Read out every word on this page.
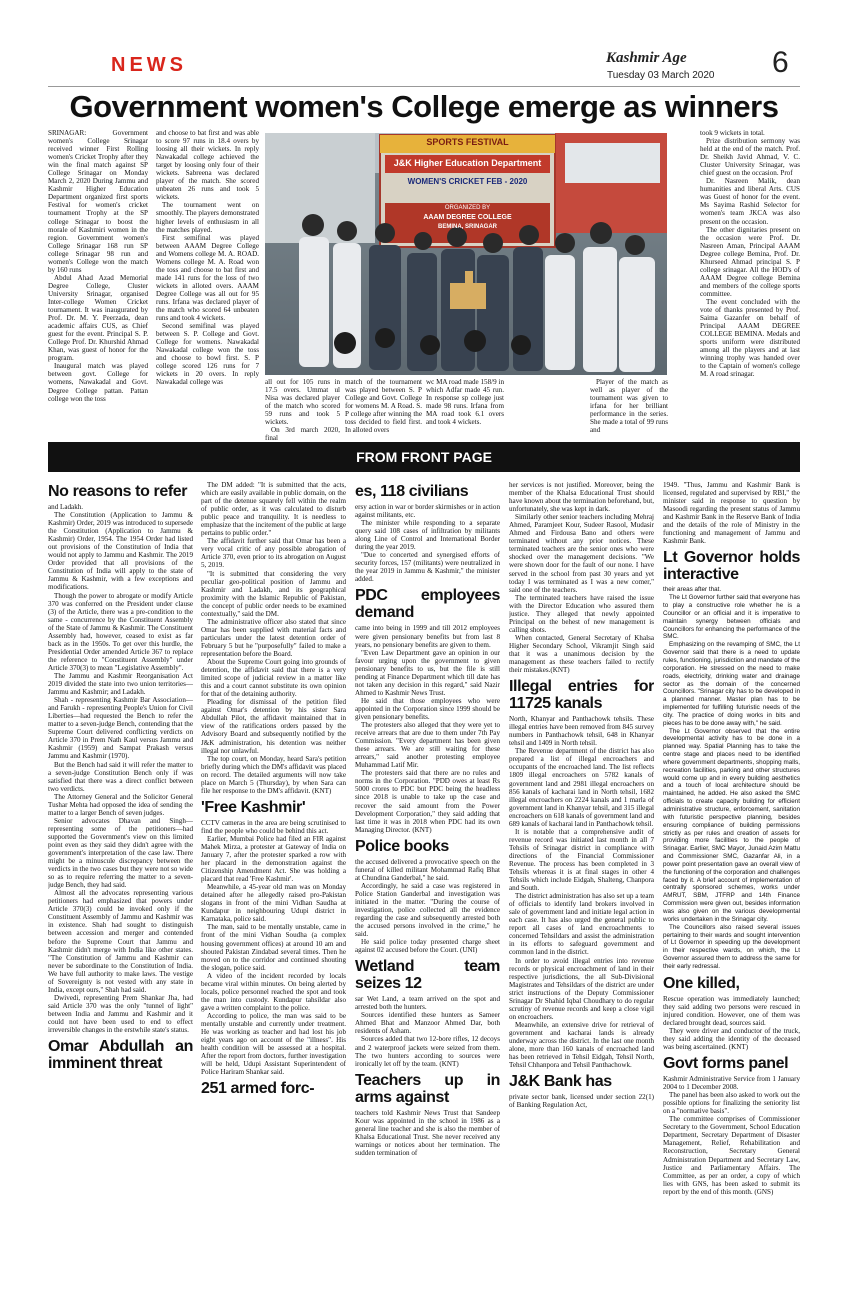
NEWS	Kashmir Age
Tuesday 03 March 2020 6
Government women's College emerge as winners

SRINAGAR: Government women's College Srinagar received winner First Rolling women's Cricket Trophy after they win the final match against SP College Srinagar on Monday March 2, 2020 During Jammu and Kashmir Higher Education Department organized first sports Festival for women's cricket tournament Trophy at the SP college Srinagar to boost the morale of Kashmiri women in the region. Government women's College Srinagar 168 run SP college Srinagar 98 run and women's College won the match by 160 runs

Abdul Ahad Azad Memorial Degree College, Cluster University Srinagar, organised Inter-college Women Cricket tournament. It was inaugurated by Prof. Dr. M. Y. Peerzada, dean academic affairs CUS, as Chief guest for the event. Principal S. P. College Prof. Dr. Khurshid Ahmad Khan, was guest of honor for the program.

Inaugural match was played between govt. College for womens, Nawakadal and Govt. Degree College pattan. Pattan college won the toss

and choose to bat first and was able to score 97 runs in 18.4 overs by loosing all their wickets. In reply Nawakadal college achieved the target by loosing only four of their wickets. Sabreena was declared player of the match. She scored unbeaten 26 runs and took 5 wickets.

The tournament went on smoothly. The players demonstrated higher levels of enthusiasm in all the matches played.

First semifinal was played between AAAM Degree College and Womens college M. A. ROAD. Womens college M. A. Road won the toss and choose to bat first and made 141 runs for the loss of two wickets in alloted overs. AAAM Degree College was all out for 95 runs. Irfana was declared player of the match who scored 64 unbeaten runs and took 4 wickets.

Second semifinal was played between S. P. College and Govt. College for womens. Nawakadal Nawakadal college won the toss and choose to bowl first. S. P college scored 126 runs for 7 wickets in 20 overs. In reply Nawakadal college was

SPORTS FESTIVAL
J&K Higher Education Department
WOMEN'S CRICKET FEB - 2020
ORGANIZED BY
AAAM DEGREE COLLEGE
BEMINA, SRINAGAR

all out for 105 runs in 17.5 overs. Ummat ul Nisa was declared player of the match who scored 59 runs and took 5 wickets.

On 3rd march 2020, final

match of the tournament was played between S. P College and Govt. College for womens M. A Road. S. P college after winning the toss decided to field first. In alloted overs

wc MA road made 158/9 in which Adfar made 45 run. In response sp college just made 98 runs. Irfana from MA road took 6.1 overs and took 4 wickets.

Player of the match as well as player of the tournament was given to irfana for her brilliant performance in the series. She made a total of 99 runs and

took 9 wickets in total.

Prize distribution sermony was held at the end of the match. Prof. Dr. Sheikh Javid Ahmad, V. C. Cluster University Srinagar, was chief guest on the occasion. Prof

Dr. Nasreen Malik, dean humanities and liberal Arts. CUS was Guest of honor for the event. Ms Sayima Rashid Selector for women's team JKCA was also present on the occasion.

The other dignitaries present on the occasion were Prof. Dr. Nasreen Aman, Principal AAAM Degree college Bemina, Prof. Dr. Khurseed Ahmad principal S. P college srinagar. All the HOD's of AAAM Degree college Bemina and members of the college sports committee.

The event concluded with the vote of thanks presented by Prof. Saima Gazanfer on behalf of Principal AAAM DEGREE COLLEGE BEMINA. Medals and sports uniform were distributed among all the players and at last winning trophy was handed over to the Captain of women's college M. A road srinagar.

FROM FRONT PAGE
No reasons to refer

and Ladakh.

The Constitution (Application to Jammu & Kashmir) Order, 2019 was introduced to supersede the Constitution (Application to Jammu & Kashmir) Order, 1954. The 1954 Order had listed out provisions of the Constitution of India that would not apply to Jammu and Kashmir. The 2019 Order provided that all provisions of the Constitution of India will apply to the state of Jammu & Kashmir, with a few exceptions and modifications.

Though the power to abrogate or modify Article 370 was conferred on the President under clause (3) of the Article, there was a pre-condition to the same - concurrence by the Constituent Assembly of the State of Jammu & Kashmir. The Constituent Assembly had, however, ceased to exist as far back as in the 1950s. To get over this hurdle, the Presidential Order amended Article 367 to replace the reference to "Constituent Assembly" under Article 370(3) to mean "Legislative Assembly".

The Jammu and Kashmir Reorganisation Act 2019 divided the state into two union territories—Jammu and Kashmir; and Ladakh.

Shah - representing Kashmir Bar Association—and Farukh - representing People's Union for Civil Liberties—had requested the Bench to refer the matter to a seven-judge Bench, contending that the Supreme Court delivered conflicting verdicts on Article 370 in Prem Nath Kaul versus Jammu and Kashmir (1959) and Sampat Prakash versus Jammu and Kashmir (1970).

But the Bench had said it will refer the matter to a seven-judge Constitution Bench only if was satisfied that there was a direct conflict between two verdicts.

The Attorney General and the Solicitor General Tushar Mehta had opposed the idea of sending the matter to a larger Bench of seven judges.

Senior advocates Dhavan and Singh—representing some of the petitioners—had supported the Government's view on this limited point even as they said they didn't agree with the government's interpretation of the case law. There might be a minuscule discrepancy between the verdicts in the two cases but they were not so wide so as to require referring the matter to a seven-judge Bench, they had said.

Almost all the advocates representing various petitioners had emphasized that powers under Article 370(3) could be invoked only if the Constituent Assembly of Jammu and Kashmir was in existence. Shah had sought to distinguish between accession and merger and contended before the Supreme Court that Jammu and Kashmir didn't merge with India like other states. "The Constitution of Jammu and Kashmir can never be subordinate to the Constitution of India. We have full authority to make laws. The vestige of Sovereignty is not vested with any state in India, except ours," Shah had said.

Dwivedi, representing Prem Shankar Jha, had said Article 370 was the only "tunnel of light" between India and Jammu and Kashmir and it could not have been used to end to effect irreversible changes in the erstwhile state's status.

Omar Abdullah an imminent threat

The DM added: "It is submitted that the acts, which are easily available in public domain, on the part of the detenue squarely fell within the realm of public order, as it was calculated to disturb public peace and tranquility. It is needless to emphasize that the incitement of the public at large pertains to public order."

The affidavit further said that Omar has been a very vocal critic of any possible abrogation of Article 370, even prior to its abrogation on August 5, 2019.

"It is submitted that considering the very peculiar geo-political position of Jammu and Kashmir and Ladakh, and its geographical proximity with the Islamic Republic of Pakistan, the concept of public order needs to be examined contextually," said the DM.

The administrative officer also stated that since Omar has been supplied with material facts and particulars under the latest detention order of February 5 but he "purposefully" failed to make a representation before the Board.

About the Supreme Court going into grounds of detention, the affidavit said that there is a very limited scope of judicial review in a matter like this and a court cannot substitute its own opinion for that of the detaining authority.

Pleading for dismissal of the petition filed against Omar's detention by his sister Sara Abdullah Pilot, the affidavit maintained that in view of the ratifications orders passed by the Advisory Board and subsequently notified by the J&K administration, his detention was neither illegal nor unlawful.

The top court, on Monday, heard Sara's petition briefly during which the DM's affidavit was placed on record. The detailed arguments will now take place on March 5 (Thursday), by when Sara can file her response to the DM's affidavit. (KNT)

'Free Kashmir'

CCTV cameras in the area are being scrutinised to find the people who could be behind this act.

Earlier, Mumbai Police had filed an FIR against Mahek Mirza, a protester at Gateway of India on January 7, after the protester sparked a row with her placard in the demonstration against the Citizenship Amendment Act. She was holding a placard that read 'Free Kashmir'.

Meanwhile, a 45-year old man was on Monday detained after he allegedly raised pro-Pakistan slogans in front of the mini Vidhan Saudha at Kundapur in neighbouring Udupi district in Karnataka, police said.

The man, said to be mentally unstable, came in front of the mini Vidhan Soudha (a complex housing government offices) at around 10 am and shouted Pakistan Zindabad several times. Then he moved on to the corridor and continued shouting the slogan, police said.

A video of the incident recorded by locals became viral within minutes. On being alerted by locals, police personnel reached the spot and took the man into custody. Kundapur tahsildar also gave a written complaint to the police.

According to police, the man was said to be mentally unstable and currently under treatment. He was working as teacher and had lost his job eight years ago on account of the "illness". His health condition will be assessed at a hospital. After the report from doctors, further investigation will be held, Udupi Assistant Superintendent of Police Hariram Shankar said.

251 armed forc-
es, 118 civilians

ersy action in war or border skirmishes or in action against militants, etc.

The minister while responding to a separate query said 108 cases of infiltration by militants along Line of Control and International Border during the year 2019.

"Due to concerted and synergised efforts of security forces, 157 (militants) were neutralized in the year 2019 in Jammu & Kashmir," the minister added.

PDC employees demand

came into being in 1999 and till 2012 employees were given pensionary benefits but from last 8 years, no pensionary benefits are given to them.

"Even Law Department gave an opinion in our favour urging upon the government to given pensionary benefits to us, but the file is still pending at Finance Department which till date has not taken any decision in this regard," said Nazir Ahmed to Kashmir News Trust.

He said that those employees who were appointed in the Corporation since 1999 should be given pensionary benefits.

The protesters also alleged that they were yet to receive arrears that are due to them under 7th Pay Commission. "Every department has been given these arrears. We are still waiting for these arrears," said another protesting employee Muhammad Latif Mir.

The protesters said that there are no rules and norms in the Corporation. "PDD owes at least Rs 5000 crores to PDC but PDC being the headless since 2018 is unable to take up the case and recover the said amount from the Power Development Corporation," they said adding that last time it was in 2018 when PDC had its own Managing Director. (KNT)

Police books

the accused delivered a provocative speech on the funeral of killed militant Mohammad Rafiq Bhat at Chundina Ganderbal," he said.

Accordingly, he said a case was registered in Police Station Ganderbal and investigation was initiated in the matter. "During the course of investigation, police collected all the evidence regarding the case and subsequently arrested both the accused persons involved in the crime," he said.

He said police today presented charge sheet against 02 accused before the Court. (UNI)

Wetland team seizes 12

sar Wet Land, a team arrived on the spot and arrested both the hunters.

Sources identified these hunters as Sameer Ahmed Bhat and Manzoor Ahmed Dar, both residents of Asham.

Sources added that two 12-bore rifles, 12 decoys and 2 waterproof jackets were seized from them. The two hunters according to sources were ironically let off by the team. (KNT)

Teachers up in arms against

teachers told Kashmir News Trust that Sandeep Kour was appointed in the school in 1986 as a general line teacher and she is also the member of Khalsa Educational Trust. She never received any warnings or notices about her termination. The sudden termination of

her services is not justified. Moreover, being the member of the Khalsa Educational Trust should have known about the termination beforehand, but, unfortunately, she was kept in dark.

Similarly other senior teachers including Mehraj Ahmed, Paramjeet Kour, Sudeer Rasool, Mudasir Ahmed and Firdousa Bano and others were terminated without any prior notices. These terminated teachers are the senior ones who were shocked over the management decisions. "We were shown door for the fault of our none. I have served in the school from past 30 years and yet today I was terminated as I was a new comer," said one of the teachers.

The terminated teachers have raised the issue with the Director Education who assured them justice. They alleged that newly appointed Principal on the behest of new management is calling shots.

When contacted, General Secretary of Khalsa Higher Secondary School, Vikramjit Singh said that it was a unanimous decision by the management as these teachers failed to rectify their mistakes.(KNT)

Illegal entries for 11725 kanals

North, Khanyar and Panthachowk tehsils. These illegal entries have been removed from 845 survey numbers in Panthachowk tehsil, 648 in Khanyar tehsil and 1409 in North tehsil.

The Revenue department of the district has also prepared a list of illegal encroachers and occupants of the encroached land. The list reflects 1809 illegal encroachers on 5782 kanals of government land and 2981 illegal encroachers on 856 kanals of kacharai land in North tehsil, 1682 illegal encroachers on 2224 kanals and 1 marla of government land in Khanyar tehsil, and 315 illegal encroachers on 618 kanals of government land and 689 kanals of kacharai land in Panthachowk tehsil.

It is notable that a comprehensive audit of revenue record was initiated last month in all 7 Tehsils of Srinagar district in compliance with directions of the Financial Commissioner Revenue. The process has been completed in 3 Tehsils whereas it is at final stages in other 4 Tehsils which include Eidgah, Shalteng, Chanpora and South.

The district administration has also set up a team of officials to identify land brokers involved in sale of government land and initiate legal action in each case. It has also urged the general public to report all cases of land encroachments to concerned Tehsildars and assist the administration in its efforts to safeguard government and common land in the district.

In order to avoid illegal entries into revenue records or physical encroachment of land in their respective jurisdictions, the all Sub-Divisional Magistrates and Tehsildars of the district are under strict instructions of the Deputy Commissioner Srinagar Dr Shahid Iqbal Choudhary to do regular scrutiny of revenue records and keep a close vigil on encroachers.

Meanwhile, an extensive drive for retrieval of government and kacharai lands is already underway across the district. In the last one month alone, more than 160 kanals of encroached land has been retrieved in Tehsil Eidgah, Tehsil North, Tehsil Chhanpora and Tehsil Panthachowk.

J&K Bank has

private sector bank, licensed under section 22(1) of Banking Regulation Act,

1949. "Thus, Jammu and Kashmir Bank is licensed, regulated and supervised by RBI," the minister said in response to question by Masoodi regarding the present status of Jammu and Kashmir Bank in the Reserve Bank of India and the details of the role of Ministry in the functioning and management of Jammu and Kashmir Bank.

Lt Governor holds interactive

their areas after that.

The Lt Governor further said that everyone has to play a constructive role whether he is a Councillor or an official and it is imperative to maintain synergy between officials and Councillors for enhancing the performance of the SMC.

Emphasizing on the revamping of SMC, the Lt Governor said that there is a need to update rules, functioning, jurisdiction and mandate of the corporation. He stressed on the need to make roads, electricity, drinking water and drainage sector as the domain of the concerned Councillors. "Srinagar city has to be developed in a planned manner. Master plan has to be implemented for fulfilling futuristic needs of the city. The practice of doing works in bits and pieces has to be done away with," he said.

The Lt Governor observed that the entire developmental activity has to be done in a planned way. Spatial Planning has to take the centre stage and places need to be identified where government departments, shopping malls, recreation facilities, parking and other structures would come up and in every building aesthetics and a touch of local architecture should be maintained, he added. He also asked the SMC officials to create capacity building for efficient administrative structure, enforcement, sanitation with futuristic perspective planning, besides ensuring compliance of building permissions strictly as per rules and creation of assets for providing more facilities to the people of Srinagar. Earlier, SMC Mayor, Junaid Azim Mattu and Commissioner SMC, Gazanfar Ali, in a power point presentation gave an overall view of the functioning of the corporation and challenges faced by it. A brief account of implementation of centrally sponsored schemes, works under AMRUT, SBM, JTFRP and 14th Finance Commission were given out, besides information was also given on the various developmental works undertaken in the Srinagar city.

The Councillors also raised several issues pertaining to their wards and sought intervention of Lt Governor in speeding up the development in their respective wards, on which, the Lt Governor assured them to address the same for their early redressal.

One killed,

Rescue operation was immediately launched; they said adding two persons were rescued in injured condition. However, one of them was declared brought dead, sources said.

They were driver and conductor of the truck, they said adding the identity of the deceased was being ascertained. (KNT)

Govt forms panel

Kashmir Administrative Service from 1 January 2004 to 1 December 2008.

The panel has been also asked to work out the possible options for finalizing the seniority list on a "normative basis".

The committee comprises of Commissioner Secretary to the Government, School Education Department, Secretary Department of Disaster Management, Relief, Rehabilitation and Reconstruction, Secretary General Administration Department and Secretary Law, Justice and Parliamentary Affairs. The Committee, as per an order, a copy of which lies with GNS, has been asked to submit its report by the end of this month. (GNS)
